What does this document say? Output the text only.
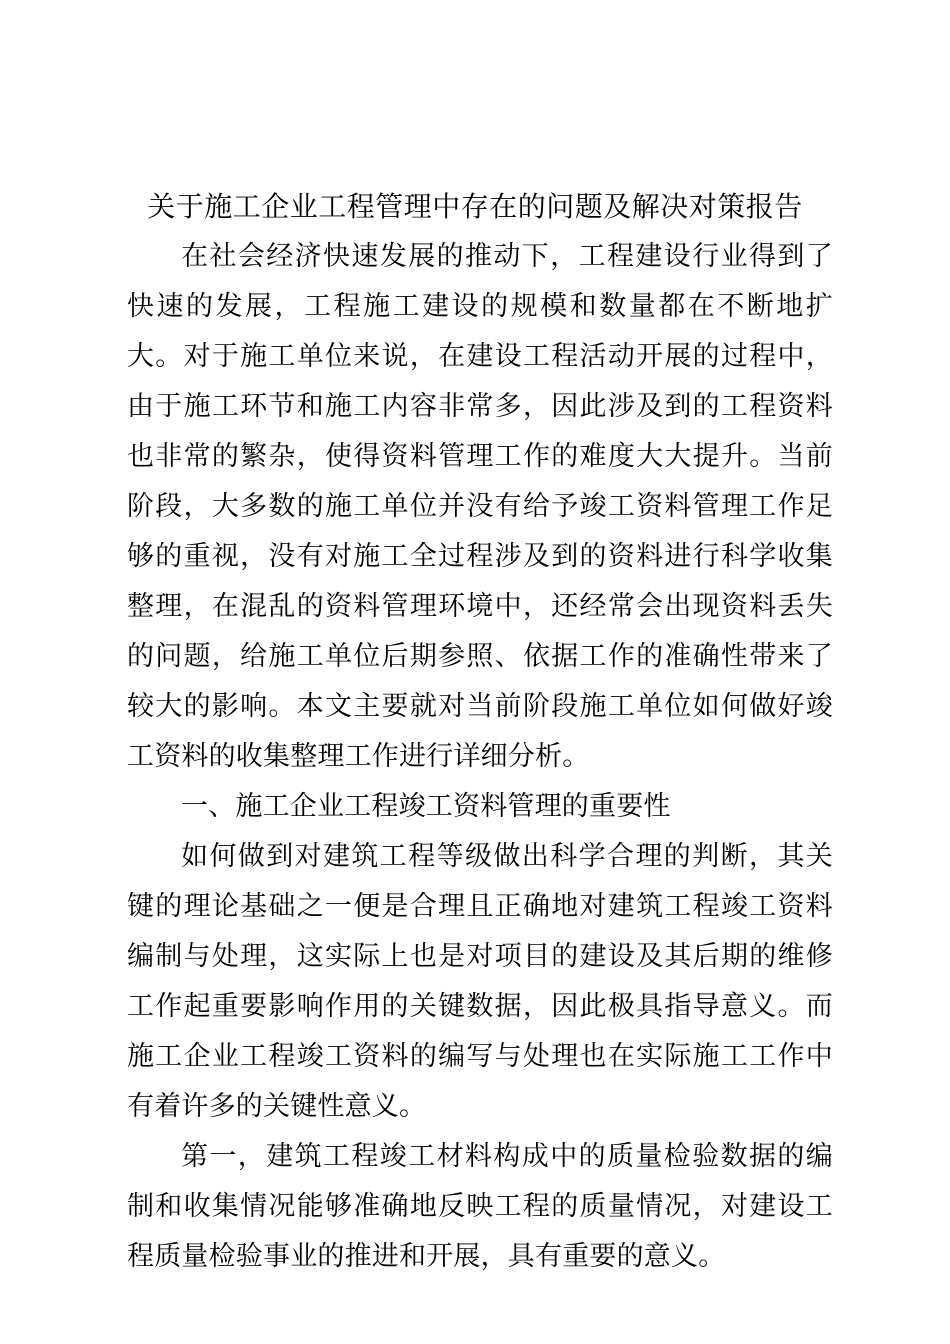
关于施工企业工程管理中存在的问题及解决对策报告

在社会经济快速发展的推动下，工程建设行业得到了快速的发展，工程施工建设的规模和数量都在不断地扩大。对于施工单位来说，在建设工程活动开展的过程中，由于施工环节和施工内容非常多，因此涉及到的工程资料也非常的繁杂，使得资料管理工作的难度大大提升。当前阶段，大多数的施工单位并没有给予竣工资料管理工作足够的重视，没有对施工全过程涉及到的资料进行科学收集整理，在混乱的资料管理环境中，还经常会出现资料丢失的问题，给施工单位后期参照、依据工作的准确性带来了较大的影响。本文主要就对当前阶段施工单位如何做好竣工资料的收集整理工作进行详细分析。

一、施工企业工程竣工资料管理的重要性

如何做到对建筑工程等级做出科学合理的判断，其关键的理论基础之一便是合理且正确地对建筑工程竣工资料编制与处理，这实际上也是对项目的建设及其后期的维修工作起重要影响作用的关键数据，因此极具指导意义。而施工企业工程竣工资料的编写与处理也在实际施工工作中有着许多的关键性意义。

第一，建筑工程竣工材料构成中的质量检验数据的编制和收集情况能够准确地反映工程的质量情况，对建设工程质量检验事业的推进和开展，具有重要的意义。
